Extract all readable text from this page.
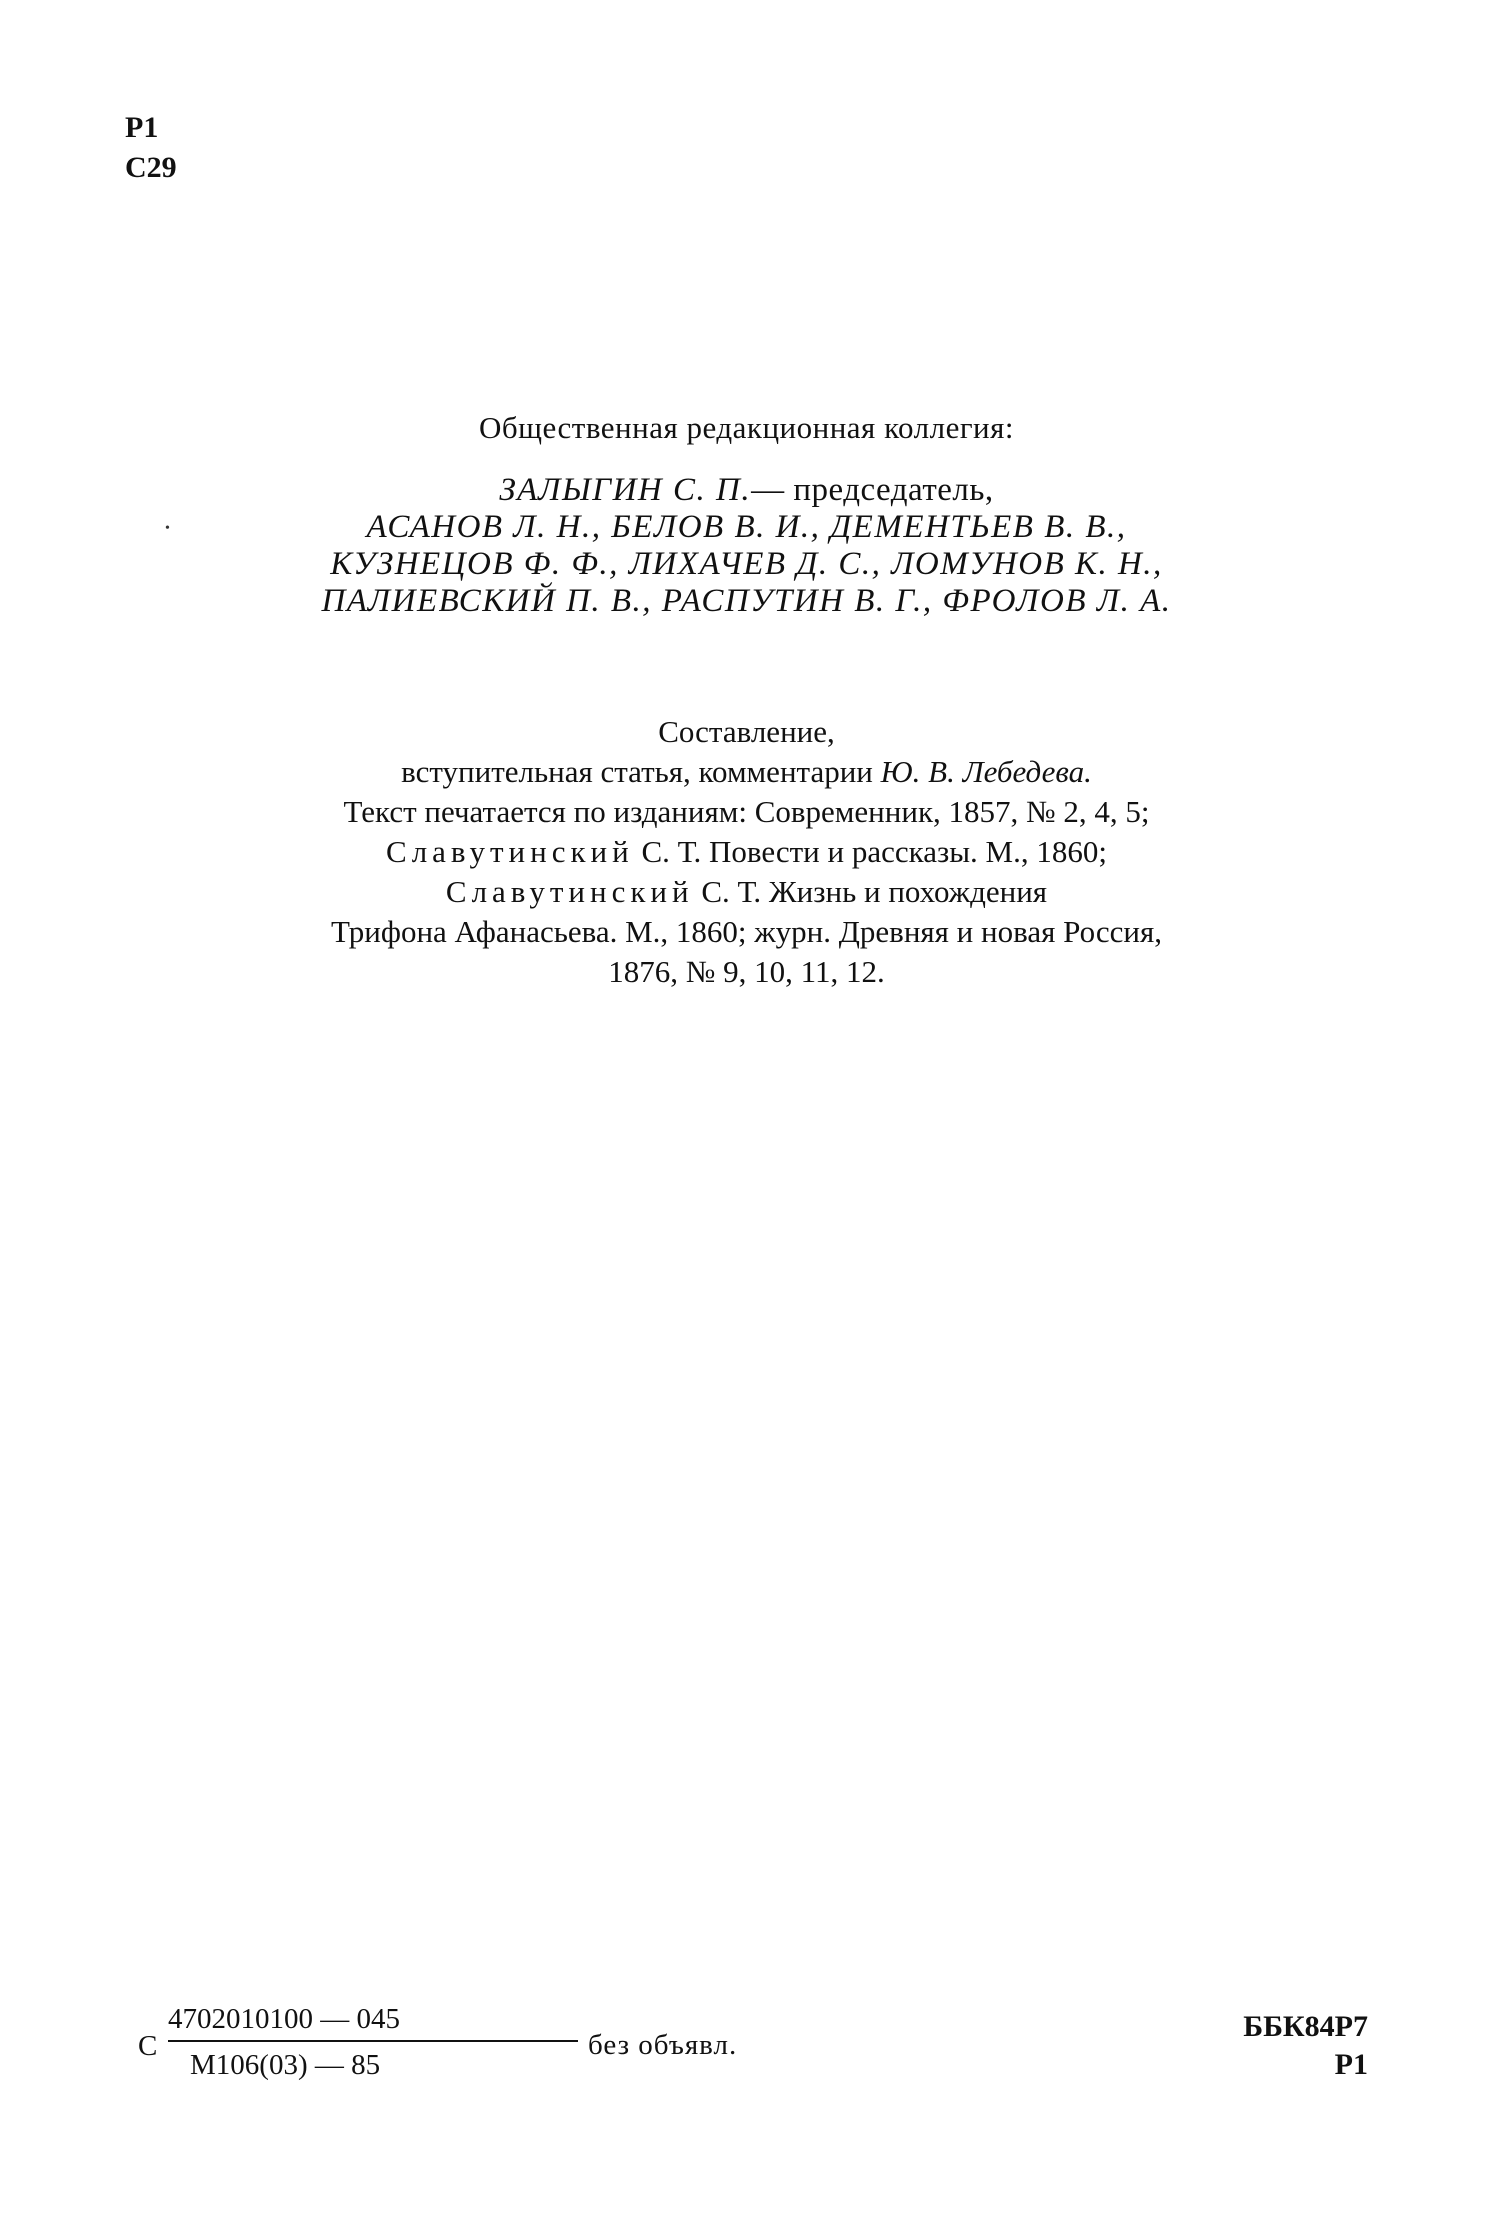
Р1
С29
•
Общественная редакционная коллегия:
ЗАЛЫГИН С. П.— председатель,
АСАНОВ Л. Н., БЕЛОВ В. И., ДЕМЕНТЬЕВ В. В.,
КУЗНЕЦОВ Ф. Ф., ЛИХАЧЕВ Д. С., ЛОМУНОВ К. Н.,
ПАЛИЕВСКИЙ П. В., РАСПУТИН В. Г., ФРОЛОВ Л. А.
Составление,
вступительная статья, комментарии Ю. В. Лебедева.
Текст печатается по изданиям: Современник, 1857, № 2, 4, 5;
Славутинский С. Т. Повести и рассказы. М., 1860;
Славутинский С. Т. Жизнь и похождения
Трифона Афанасьева. М., 1860; журн. Древняя и новая Россия,
1876, № 9, 10, 11, 12.
С
4702010100 — 045
М106(03) — 85
без объявл.
ББК84Р7
Р1
